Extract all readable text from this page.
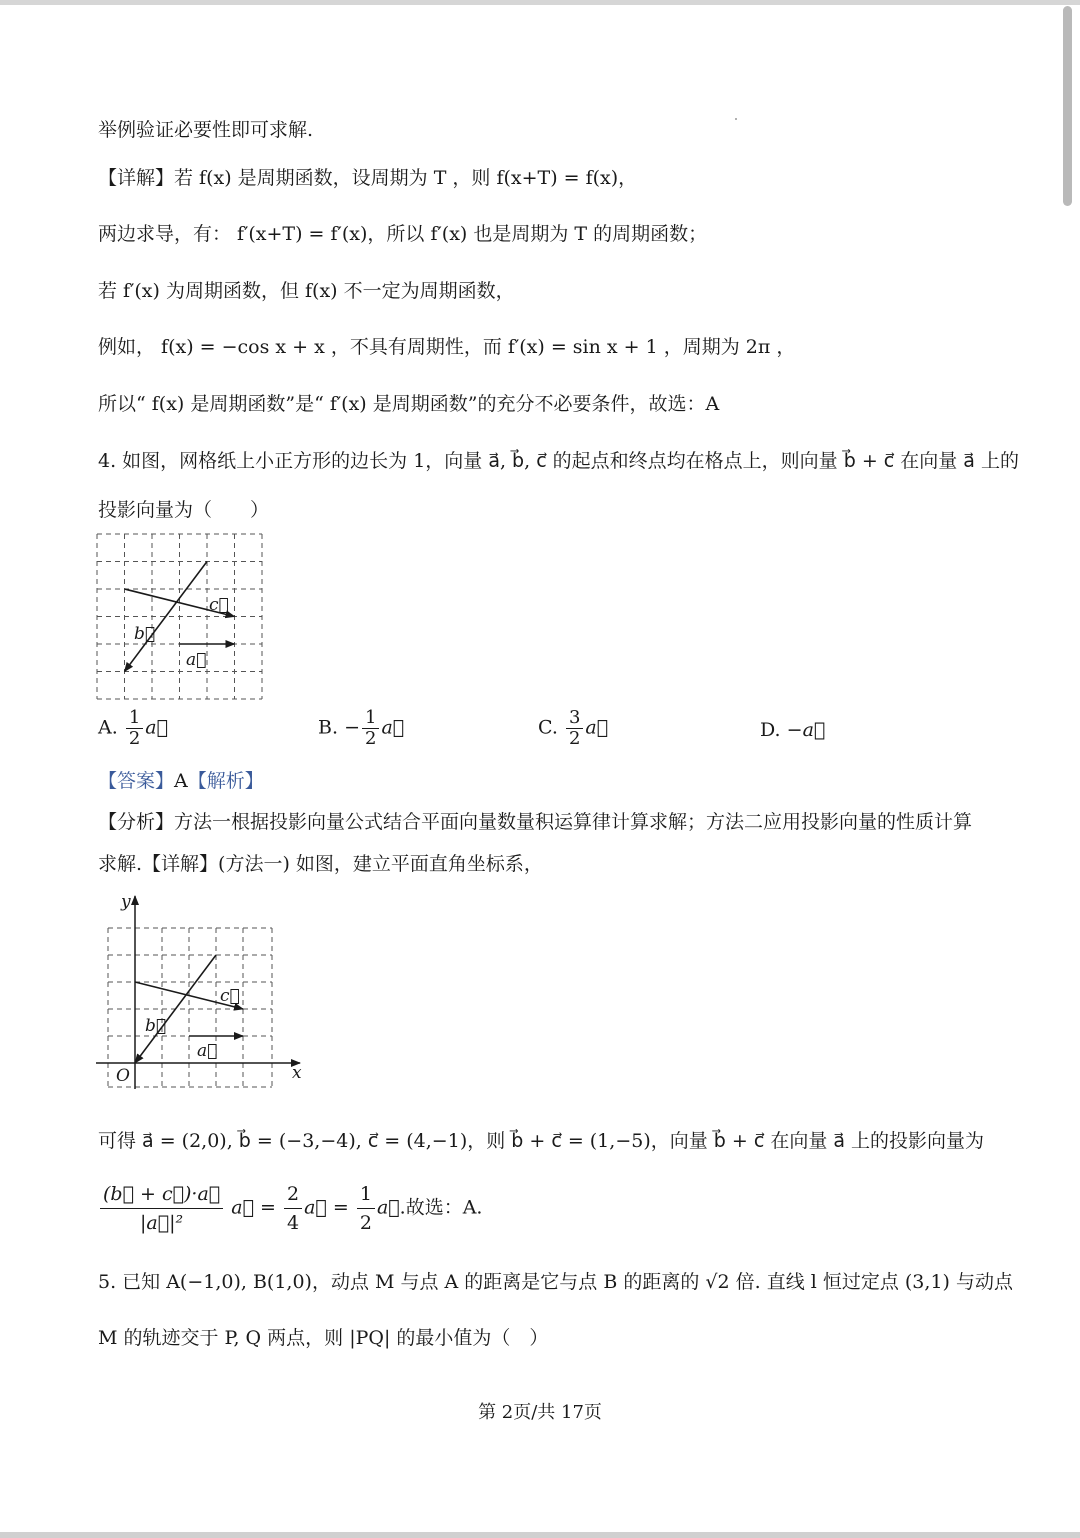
举例验证必要性即可求解.
【详解】若 f(x) 是周期函数，设周期为 T ，则 f(x+T) = f(x)，
两边求导，有： f′(x+T) = f′(x)，所以 f′(x) 也是周期为 T 的周期函数；
若 f′(x) 为周期函数，但 f(x) 不一定为周期函数，
例如， f(x) = −cos x + x ，不具有周期性，而 f′(x) = sin x + 1 ，周期为 2π ，
所以“ f(x) 是周期函数”是“ f′(x) 是周期函数”的充分不必要条件，故选：A
4. 如图，网格纸上小正方形的边长为 1，向量 a⃗, b⃗, c⃗ 的起点和终点均在格点上，则向量 b⃗ + c⃗ 在向量 a⃗ 上的
投影向量为（　　）
c⃗
b⃗
a⃗
A. $\frac{1}{2}$ a⃗	B. − $\frac{1}{2}$ a⃗	C. $\frac{3}{2}$ a⃗	D. −a⃗
【答案】A【解析】
【分析】方法一根据投影向量公式结合平面向量数量积运算律计算求解；方法二应用投影向量的性质计算
求解.【详解】(方法一) 如图，建立平面直角坐标系，
c⃗
b⃗
a⃗
x
y
O
可得 a⃗ = (2,0), b⃗ = (−3,−4), c⃗ = (4,−1)，则 b⃗ + c⃗ = (1,−5)，向量 b⃗ + c⃗ 在向量 a⃗ 上的投影向量为
$\frac{(b⃗ + c⃗)\cdot a⃗}{\text{|a⃗|²}}$ a⃗ = $\frac{2}{4}$ a⃗ = $\frac{1}{2}$ a⃗.故选：A.
5. 已知 A(−1,0), B(1,0)，动点 M 与点 A 的距离是它与点 B 的距离的 √2 倍. 直线 l 恒过定点 (3,1) 与动点
M 的轨迹交于 P, Q 两点，则 |PQ| 的最小值为（　）
第 2页/共 17页
